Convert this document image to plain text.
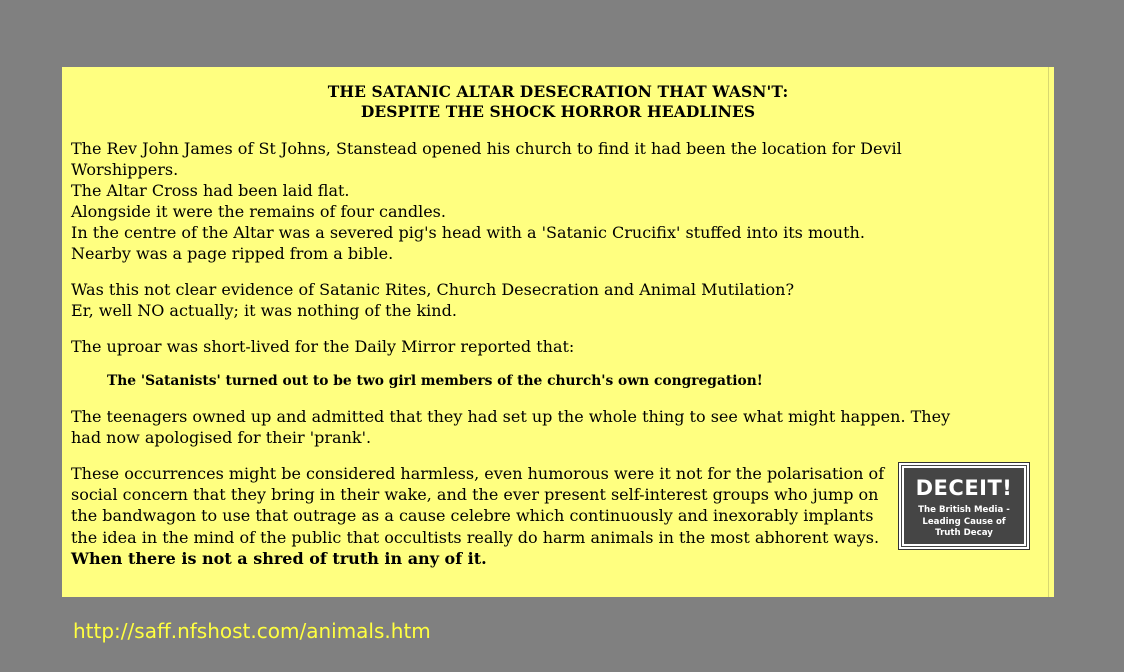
THE SATANIC ALTAR DESECRATION THAT WASN'T:
DESPITE THE SHOCK HORROR HEADLINES

The Rev John James of St Johns, Stanstead opened his church to find it had been the location for Devil
Worshippers.
The Altar Cross had been laid flat.
Alongside it were the remains of four candles.
In the centre of the Altar was a severed pig's head with a 'Satanic Crucifix' stuffed into its mouth.
Nearby was a page ripped from a bible.

Was this not clear evidence of Satanic Rites, Church Desecration and Animal Mutilation?
Er, well NO actually; it was nothing of the kind.

The uproar was short-lived for the Daily Mirror reported that:

The 'Satanists' turned out to be two girl members of the church's own congregation!

The teenagers owned up and admitted that they had set up the whole thing to see what might happen. They
had now apologised for their 'prank'.

These occurrences might be considered harmless, even humorous were it not for the polarisation of social concern that they bring in their wake, and the ever present self-interest groups who jump on the bandwagon to use that outrage as a cause celebre which continuously and inexorably implants the idea in the mind of the public that occultists really do harm animals in the most abhorent ways. When there is not a shred of truth in any of it.

DECEIT!
The British Media - Leading Cause of Truth Decay
http://saff.nfshost.com/animals.htm
